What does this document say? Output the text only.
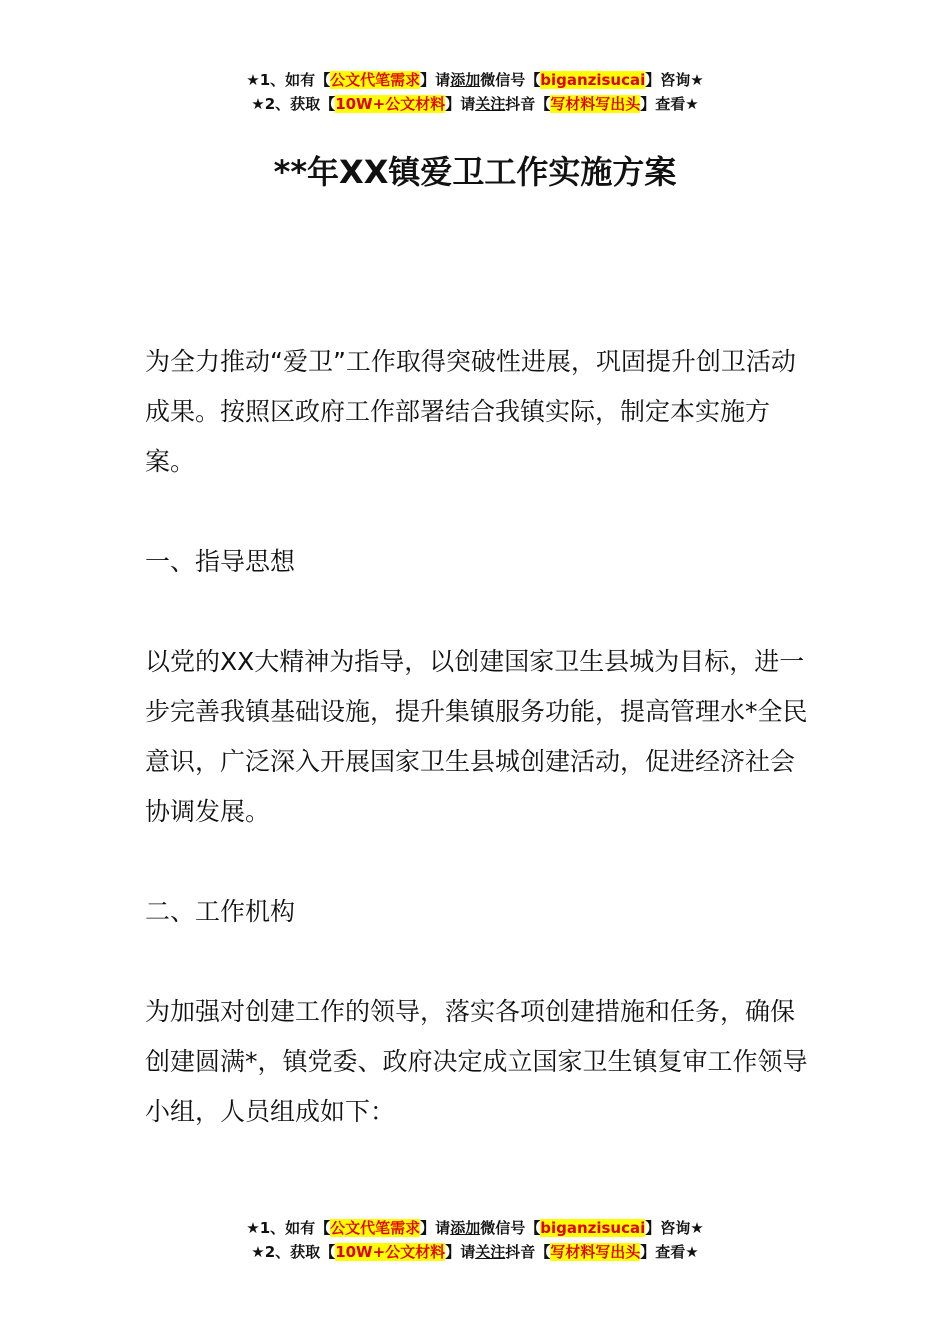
★1、如有【公文代笔需求】请添加微信号【biganzisucai】咨询★
★2、获取【10W+公文材料】请关注抖音【写材料写出头】查看★
**年XX镇爱卫工作实施方案

为全力推动“爱卫”工作取得突破性进展，巩固提升创卫活动成果。按照区政府工作部署结合我镇实际，制定本实施方案。

一、指导思想

以党的XX大精神为指导，以创建国家卫生县城为目标，进一步完善我镇基础设施，提升集镇服务功能，提高管理水*全民意识，广泛深入开展国家卫生县城创建活动，促进经济社会协调发展。

二、工作机构

为加强对创建工作的领导，落实各项创建措施和任务，确保创建圆满*，镇党委、政府决定成立国家卫生镇复审工作领导小组，人员组成如下：

★1、如有【公文代笔需求】请添加微信号【biganzisucai】咨询★
★2、获取【10W+公文材料】请关注抖音【写材料写出头】查看★
